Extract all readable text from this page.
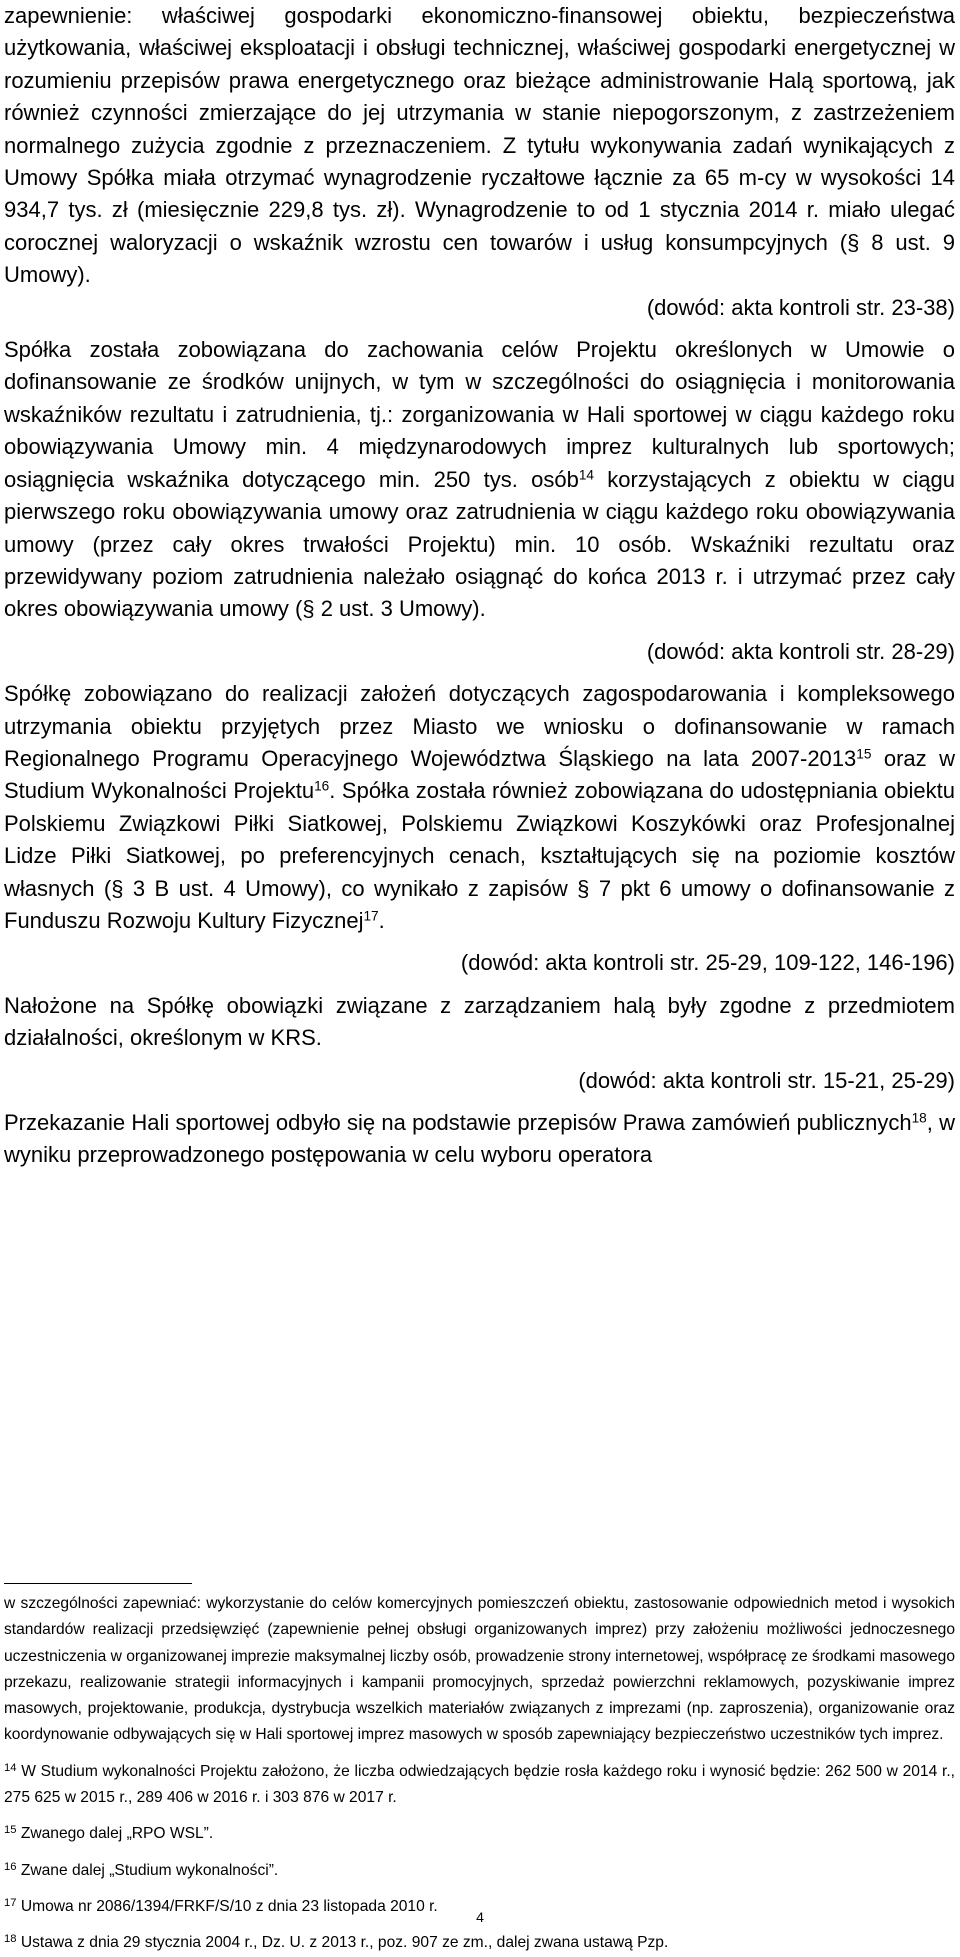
zapewnienie: właściwej gospodarki ekonomiczno-finansowej obiektu, bezpieczeństwa użytkowania, właściwej eksploatacji i obsługi technicznej, właściwej gospodarki energetycznej w rozumieniu przepisów prawa energetycznego oraz bieżące administrowanie Halą sportową, jak również czynności zmierzające do jej utrzymania w stanie niepogorszonym, z zastrzeżeniem normalnego zużycia zgodnie z przeznaczeniem. Z tytułu wykonywania zadań wynikających z Umowy Spółka miała otrzymać wynagrodzenie ryczałtowe łącznie za 65 m-cy w wysokości 14 934,7 tys. zł (miesięcznie 229,8 tys. zł). Wynagrodzenie to od 1 stycznia 2014 r. miało ulegać corocznej waloryzacji o wskaźnik wzrostu cen towarów i usług konsumpcyjnych (§ 8 ust. 9 Umowy).

(dowód: akta kontroli str. 23-38)

Spółka została zobowiązana do zachowania celów Projektu określonych w Umowie o dofinansowanie ze środków unijnych, w tym w szczególności do osiągnięcia i monitorowania wskaźników rezultatu i zatrudnienia, tj.: zorganizowania w Hali sportowej w ciągu każdego roku obowiązywania Umowy min. 4 międzynarodowych imprez kulturalnych lub sportowych; osiągnięcia wskaźnika dotyczącego min. 250 tys. osób$^{14}$ korzystających z obiektu w ciągu pierwszego roku obowiązywania umowy oraz zatrudnienia w ciągu każdego roku obowiązywania umowy (przez cały okres trwałości Projektu) min. 10 osób. Wskaźniki rezultatu oraz przewidywany poziom zatrudnienia należało osiągnąć do końca 2013 r. i utrzymać przez cały okres obowiązywania umowy (§ 2 ust. 3 Umowy).

(dowód: akta kontroli str. 28-29)

Spółkę zobowiązano do realizacji założeń dotyczących zagospodarowania i kompleksowego utrzymania obiektu przyjętych przez Miasto we wniosku o dofinansowanie w ramach Regionalnego Programu Operacyjnego Województwa Śląskiego na lata 2007-2013$^{15}$ oraz w Studium Wykonalności Projektu$^{16}$. Spółka została również zobowiązana do udostępniania obiektu Polskiemu Związkowi Piłki Siatkowej, Polskiemu Związkowi Koszykówki oraz Profesjonalnej Lidze Piłki Siatkowej, po preferencyjnych cenach, kształtujących się na poziomie kosztów własnych (§ 3 B ust. 4 Umowy), co wynikało z zapisów § 7 pkt 6 umowy o dofinansowanie z Funduszu Rozwoju Kultury Fizycznej$^{17}$.

(dowód: akta kontroli str. 25-29, 109-122, 146-196)

Nałożone na Spółkę obowiązki związane z zarządzaniem halą były zgodne z przedmiotem działalności, określonym w KRS.

(dowód: akta kontroli str. 15-21, 25-29)

Przekazanie Hali sportowej odbyło się na podstawie przepisów Prawa zamówień publicznych$^{18}$, w wyniku przeprowadzonego postępowania w celu wyboru operatora

w szczególności zapewniać: wykorzystanie do celów komercyjnych pomieszczeń obiektu, zastosowanie odpowiednich metod i wysokich standardów realizacji przedsięwzięć (zapewnienie pełnej obsługi organizowanych imprez) przy założeniu możliwości jednoczesnego uczestniczenia w organizowanej imprezie maksymalnej liczby osób, prowadzenie strony internetowej, współpracę ze środkami masowego przekazu, realizowanie strategii informacyjnych i kampanii promocyjnych, sprzedaż powierzchni reklamowych, pozyskiwanie imprez masowych, projektowanie, produkcja, dystrybucja wszelkich materiałów związanych z imprezami (np. zaproszenia), organizowanie oraz koordynowanie odbywających się w Hali sportowej imprez masowych w sposób zapewniający bezpieczeństwo uczestników tych imprez.

$^{14}$ W Studium wykonalności Projektu założono, że liczba odwiedzających będzie rosła każdego roku i wynosić będzie: 262 500 w 2014 r., 275 625 w 2015 r., 289 406 w 2016 r. i 303 876 w 2017 r.

$^{15}$ Zwanego dalej „RPO WSL”.

$^{16}$ Zwane dalej „Studium wykonalności”.

$^{17}$ Umowa nr 2086/1394/FRKF/S/10 z dnia 23 listopada 2010 r.

$^{18}$ Ustawa z dnia 29 stycznia 2004 r., Dz. U. z 2013 r., poz. 907 ze zm., dalej zwana ustawą Pzp.

4
